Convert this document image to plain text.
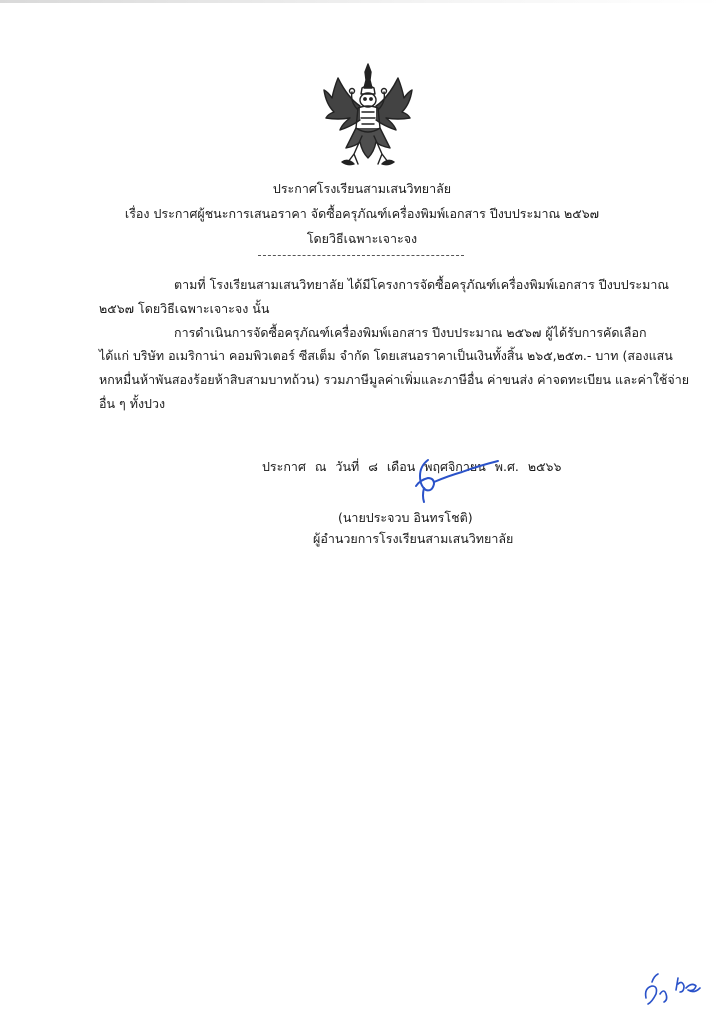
ประกาศโรงเรียนสามเสนวิทยาลัย
เรื่อง ประกาศผู้ชนะการเสนอราคา จัดซื้อครุภัณฑ์เครื่องพิมพ์เอกสาร ปีงบประมาณ ๒๕๖๗
โดยวิธีเฉพาะเจาะจง
ตามที่ โรงเรียนสามเสนวิทยาลัย ได้มีโครงการจัดซื้อครุภัณฑ์เครื่องพิมพ์เอกสาร ปีงบประมาณ
๒๕๖๗ โดยวิธีเฉพาะเจาะจง นั้น
การดำเนินการจัดซื้อครุภัณฑ์เครื่องพิมพ์เอกสาร ปีงบประมาณ ๒๕๖๗ ผู้ได้รับการคัดเลือก
ได้แก่ บริษัท อเมริกาน่า คอมพิวเตอร์ ซีสเต็ม จำกัด โดยเสนอราคาเป็นเงินทั้งสิ้น ๒๖๕,๒๕๓.- บาท (สองแสน
หกหมื่นห้าพันสองร้อยห้าสิบสามบาทถ้วน) รวมภาษีมูลค่าเพิ่มและภาษีอื่น ค่าขนส่ง ค่าจดทะเบียน และค่าใช้จ่าย
อื่น ๆ ทั้งปวง
ประกาศ ณ วันที่ ๘ เดือน พฤศจิกายน พ.ศ. ๒๕๖๖
(นายประจวบ อินทรโชติ)
ผู้อำนวยการโรงเรียนสามเสนวิทยาลัย
